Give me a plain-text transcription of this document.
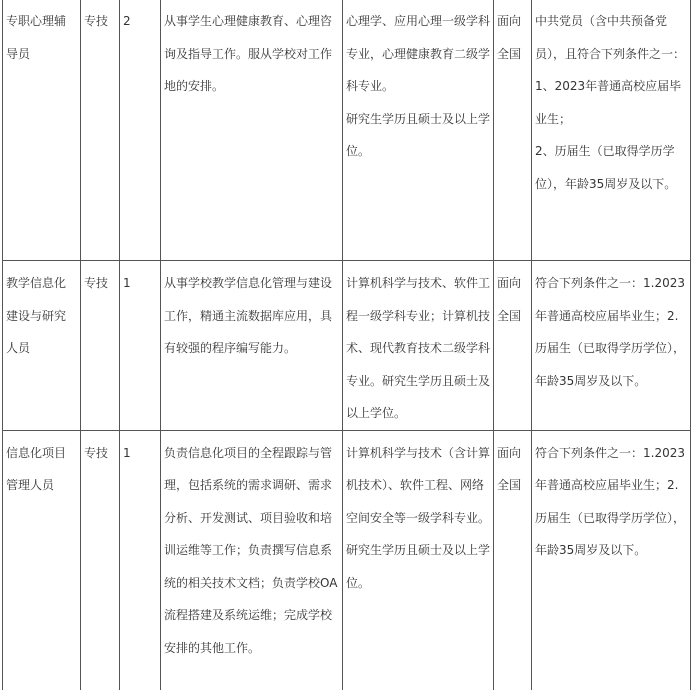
专职心理辅导员	专技	2	从事学生心理健康教育、心理咨询及指导工作。服从学校对工作地的安排。	心理学、应用心理一级学科专业，心理健康教育二级学科专业。
研究生学历且硕士及以上学位。	面向全国	中共党员（含中共预备党员），且符合下列条件之一：
1、2023年普通高校应届毕业生；
2、历届生（已取得学历学位），年龄35周岁及以下。

教学信息化建设与研究人员	专技	1	从事学校教学信息化管理与建设工作，精通主流数据库应用，具有较强的程序编写能力。	计算机科学与技术、软件工程一级学科专业；计算机技术、现代教育技术二级学科专业。研究生学历且硕士及以上学位。	面向全国	符合下列条件之一：1.2023年普通高校应届毕业生；2.历届生（已取得学历学位），年龄35周岁及以下。

信息化项目管理人员	专技	1	负责信息化项目的全程跟踪与管理，包括系统的需求调研、需求分析、开发测试、项目验收和培训运维等工作；负责撰写信息系统的相关技术文档；负责学校OA流程搭建及系统运维；完成学校安排的其他工作。	计算机科学与技术（含计算机技术）、软件工程、网络空间安全等一级学科专业。研究生学历且硕士及以上学位。	面向全国	符合下列条件之一：1.2023年普通高校应届毕业生；2.历届生（已取得学历学位），年龄35周岁及以下。
